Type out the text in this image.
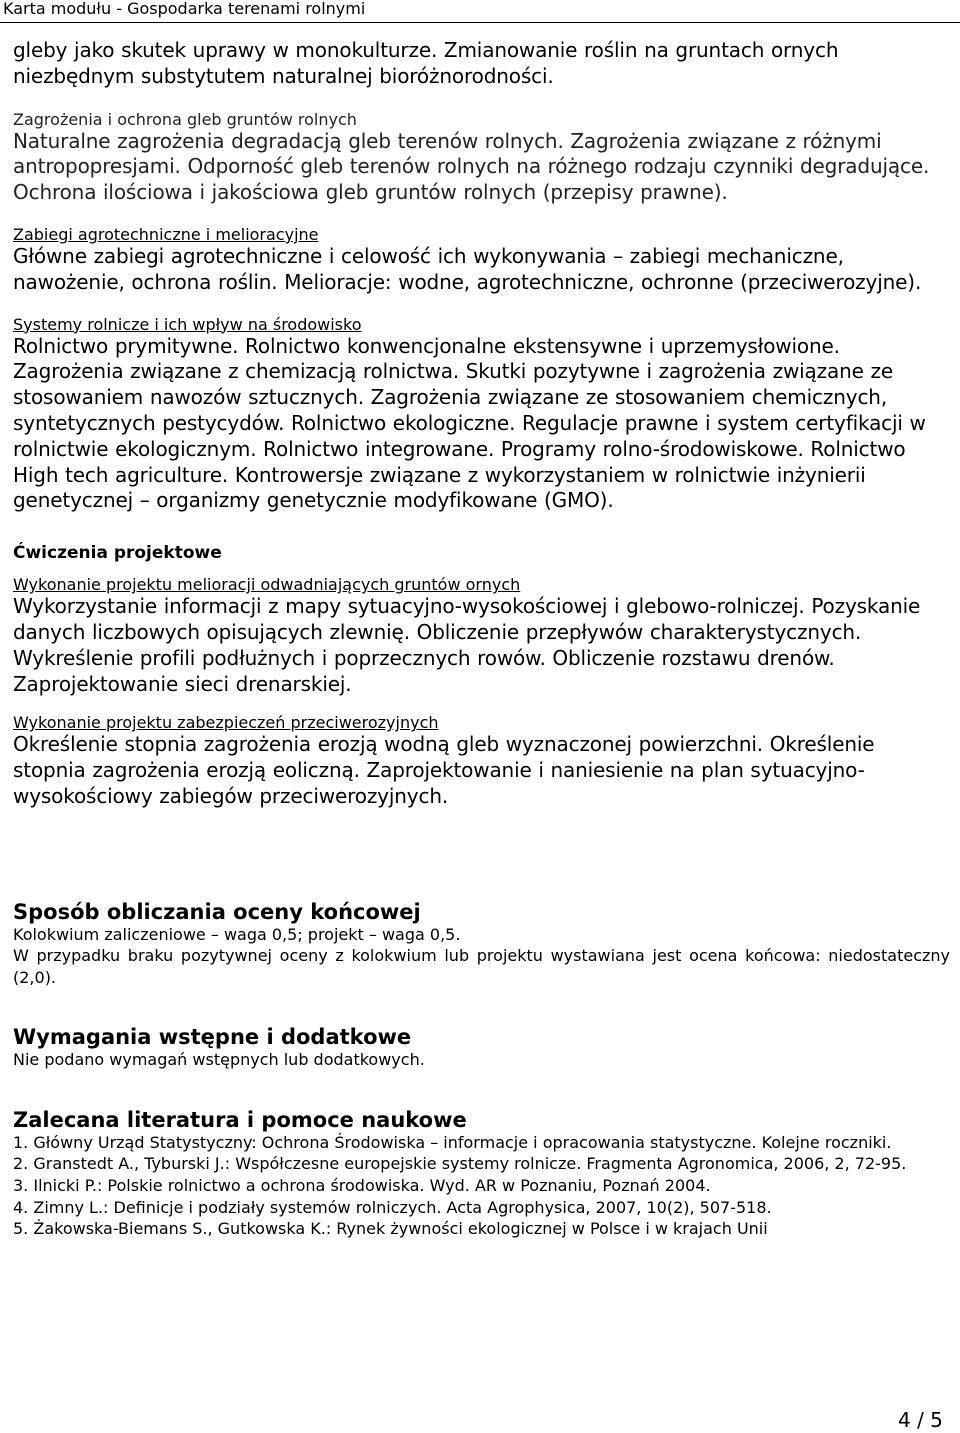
Karta modułu - Gospodarka terenami rolnymi

gleby jako skutek uprawy w monokulturze. Zmianowanie roślin na gruntach ornych niezbędnym substytutem naturalnej bioróżnorodności.

Zagrożenia i ochrona gleb gruntów rolnych

Naturalne zagrożenia degradacją gleb terenów rolnych. Zagrożenia związane z różnymi antropopresjami. Odporność gleb terenów rolnych na różnego rodzaju czynniki degradujące. Ochrona ilościowa i jakościowa gleb gruntów rolnych (przepisy prawne).

Zabiegi agrotechniczne i melioracyjne

Główne zabiegi agrotechniczne i celowość ich wykonywania – zabiegi mechaniczne, nawożenie, ochrona roślin. Melioracje: wodne, agrotechniczne, ochronne (przeciwerozyjne).

Systemy rolnicze i ich wpływ na środowisko

Rolnictwo prymitywne. Rolnictwo konwencjonalne ekstensywne i uprzemysłowione. Zagrożenia związane z chemizacją rolnictwa. Skutki pozytywne i zagrożenia związane ze stosowaniem nawozów sztucznych. Zagrożenia związane ze stosowaniem chemicznych, syntetycznych pestycydów. Rolnictwo ekologiczne. Regulacje prawne i system certyfikacji w rolnictwie ekologicznym. Rolnictwo integrowane. Programy rolno-środowiskowe. Rolnictwo High tech agriculture. Kontrowersje związane z wykorzystaniem w rolnictwie inżynierii genetycznej – organizmy genetycznie modyfikowane (GMO).

Ćwiczenia projektowe

Wykonanie projektu melioracji odwadniających gruntów ornych

Wykorzystanie informacji z mapy sytuacyjno-wysokościowej i glebowo-rolniczej. Pozyskanie danych liczbowych opisujących zlewnię. Obliczenie przepływów charakterystycznych. Wykreślenie profili podłużnych i poprzecznych rowów. Obliczenie rozstawu drenów. Zaprojektowanie sieci drenarskiej.

Wykonanie projektu zabezpieczeń przeciwerozyjnych

Określenie stopnia zagrożenia erozją wodną gleb wyznaczonej powierzchni. Określenie stopnia zagrożenia erozją eoliczną. Zaprojektowanie i naniesienie na plan sytuacyjno-wysokościowy zabiegów przeciwerozyjnych.

Sposób obliczania oceny końcowej

Kolokwium zaliczeniowe – waga 0,5; projekt – waga 0,5.

W przypadku braku pozytywnej oceny z kolokwium lub projektu wystawiana jest ocena końcowa: niedostateczny (2,0).

Wymagania wstępne i dodatkowe

Nie podano wymagań wstępnych lub dodatkowych.

Zalecana literatura i pomoce naukowe

1. Główny Urząd Statystyczny: Ochrona Środowiska – informacje i opracowania statystyczne. Kolejne roczniki.
2. Granstedt A., Tyburski J.: Współczesne europejskie systemy rolnicze. Fragmenta Agronomica, 2006, 2, 72-95.
3. Ilnicki P.: Polskie rolnictwo a ochrona środowiska. Wyd. AR w Poznaniu, Poznań 2004.
4. Zimny L.: Definicje i podziały systemów rolniczych. Acta Agrophysica, 2007, 10(2), 507-518.
5. Żakowska-Biemans S., Gutkowska K.: Rynek żywności ekologicznej w Polsce i w krajach Unii
4 / 5
